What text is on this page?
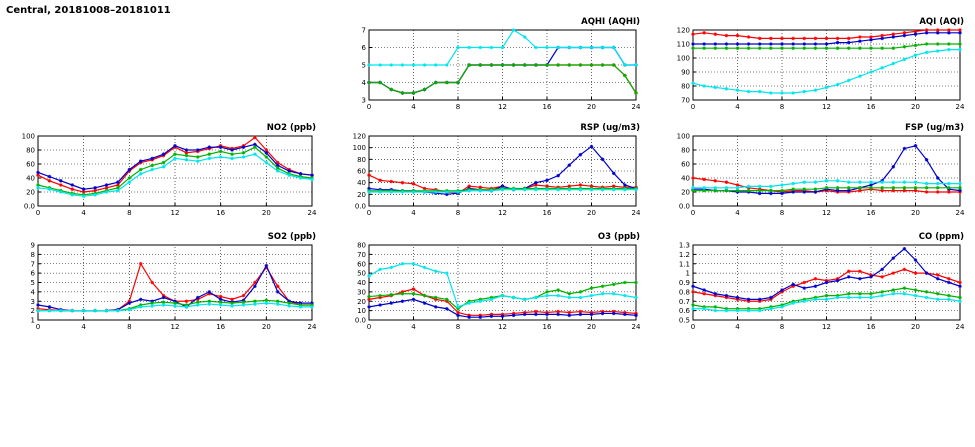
Central, 20181008–20181011
NO2 (ppb)
0.0
20
40
60
80
100
0	4	8	12	16	20	24
AQHI (AQHI)
3
4
5
6
7
0	4	8	12	16	20	24
AQI (AQI)
70
80
90
100
110
120
0	4	8	12	16	20	24
RSP (ug/m3)
0.0
20
40
60
80
100
120
0	4	8	12	16	20	24
FSP (ug/m3)
0.0
20
40
60
80
100
0	4	8	12	16	20	24
SO2 (ppb)
1
2
3
4
5
6
7
8
9
0	4	8	12	16	20	24
O3 (ppb)
0.0
10
20
30
40
50
60
70
80
0	4	8	12	16	20	24
CO (ppm)
0.5
0.6
0.7
0.8
0.9
1
1.1
1.2
1.3
0	4	8	12	16	20	24
